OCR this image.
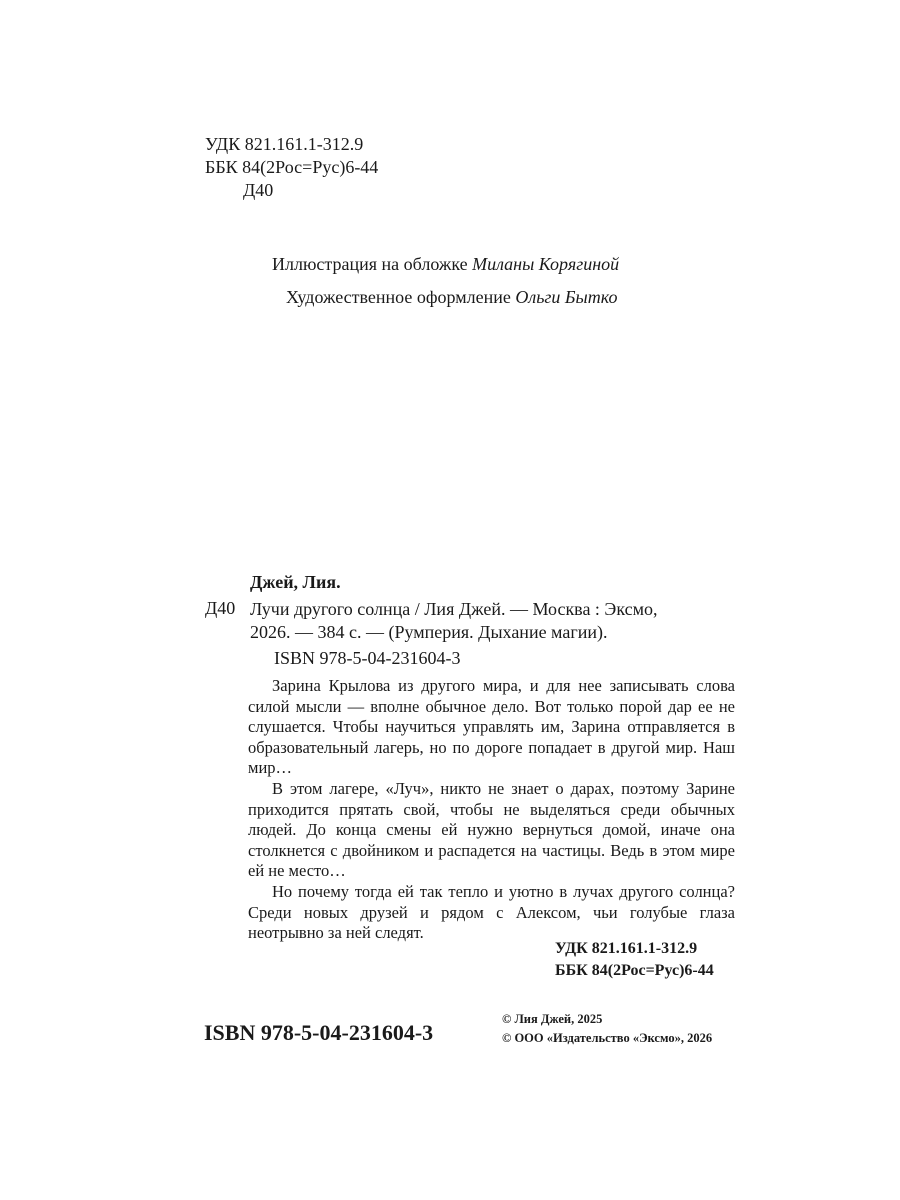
УДК 821.161.1-312.9
ББК 84(2Рос=Рус)6-44
Д40
Иллюстрация на обложке Миланы Корягиной
Художественное оформление Ольги Бытко
Джей, Лия.
Д40 Лучи другого солнца / Лия Джей. — Москва : Эксмо,
2026. — 384 с. — (Румперия. Дыхание магии).
ISBN 978-5-04-231604-3

Зарина Крылова из другого мира, и для нее записывать слова силой мысли — вполне обычное дело. Вот только порой дар ее не слушается. Чтобы научиться управлять им, Зарина отправляется в образовательный лагерь, но по дороге попадает в другой мир. Наш мир…

В этом лагере, «Луч», никто не знает о дарах, поэтому Зарине приходится прятать свой, чтобы не выделяться среди обычных людей. До конца смены ей нужно вернуться домой, иначе она столкнется с двойником и распадется на частицы. Ведь в этом мире ей не место…

Но почему тогда ей так тепло и уютно в лучах другого солнца? Среди новых друзей и рядом с Алексом, чьи голубые глаза неотрывно за ней следят.

УДК 821.161.1-312.9
ББК 84(2Рос=Рус)6-44
ISBN 978-5-04-231604-3
© Лия Джей, 2025
© ООО «Издательство «Эксмо», 2026
